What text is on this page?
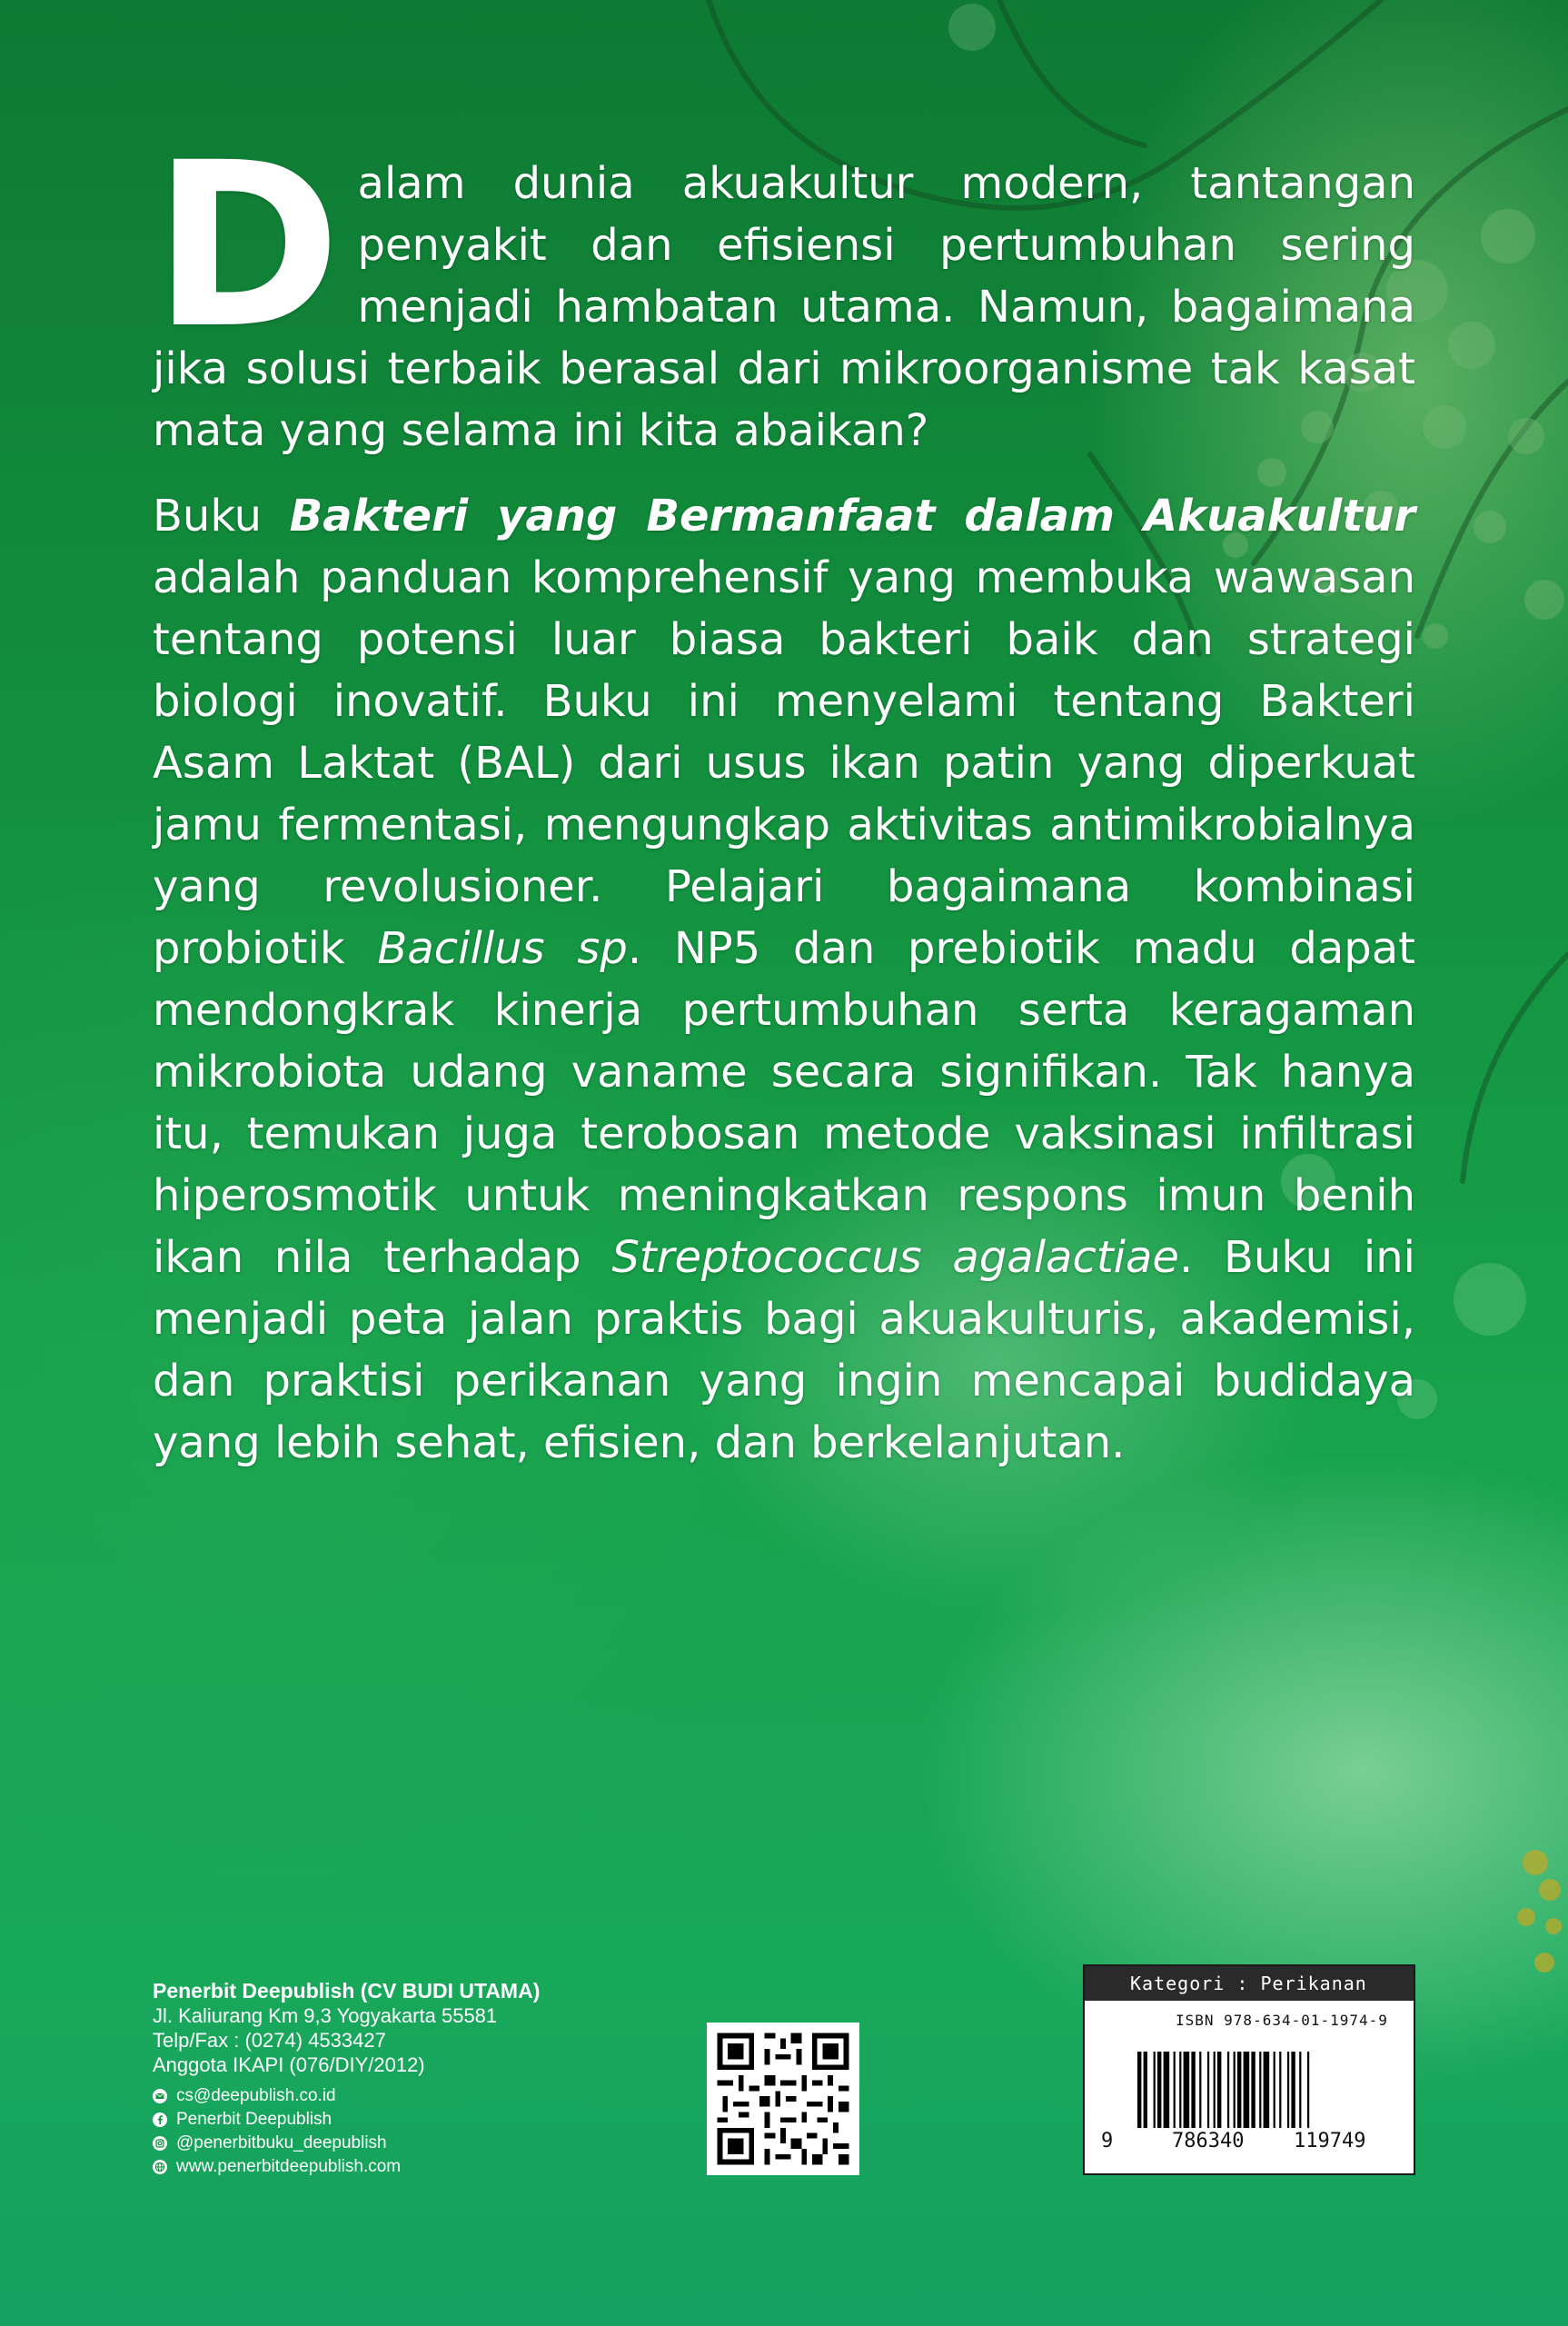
Dalam dunia akuakultur modern, tantangan penyakit dan efisiensi pertumbuhan sering menjadi hambatan utama. Namun, bagaimana jika solusi terbaik berasal dari mikroorganisme tak kasat mata yang selama ini kita abaikan?

Buku Bakteri yang Bermanfaat dalam Akuakultur adalah panduan komprehensif yang membuka wawasan tentang potensi luar biasa bakteri baik dan strategi biologi inovatif. Buku ini menyelami tentang Bakteri Asam Laktat (BAL) dari usus ikan patin yang diperkuat jamu fermentasi, mengungkap aktivitas antimikrobialnya yang revolusioner. Pelajari bagaimana kombinasi probiotik Bacillus sp. NP5 dan prebiotik madu dapat mendongkrak kinerja pertumbuhan serta keragaman mikrobiota udang vaname secara signifikan. Tak hanya itu, temukan juga terobosan metode vaksinasi infiltrasi hiperosmotik untuk meningkatkan respons imun benih ikan nila terhadap Streptococcus agalactiae. Buku ini menjadi peta jalan praktis bagi akuakulturis, akademisi, dan praktisi perikanan yang ingin mencapai budidaya yang lebih sehat, efisien, dan berkelanjutan.

Penerbit Deepublish (CV BUDI UTAMA)
Jl. Kaliurang Km 9,3 Yogyakarta 55581
Telp/Fax : (0274) 4533427
Anggota IKAPI (076/DIY/2012)
cs@deepublish.co.id
Penerbit Deepublish
@penerbitbuku_deepublish
www.penerbitdeepublish.com
Kategori : Perikanan
ISBN 978-634-01-1974-9
9	786340 119749
